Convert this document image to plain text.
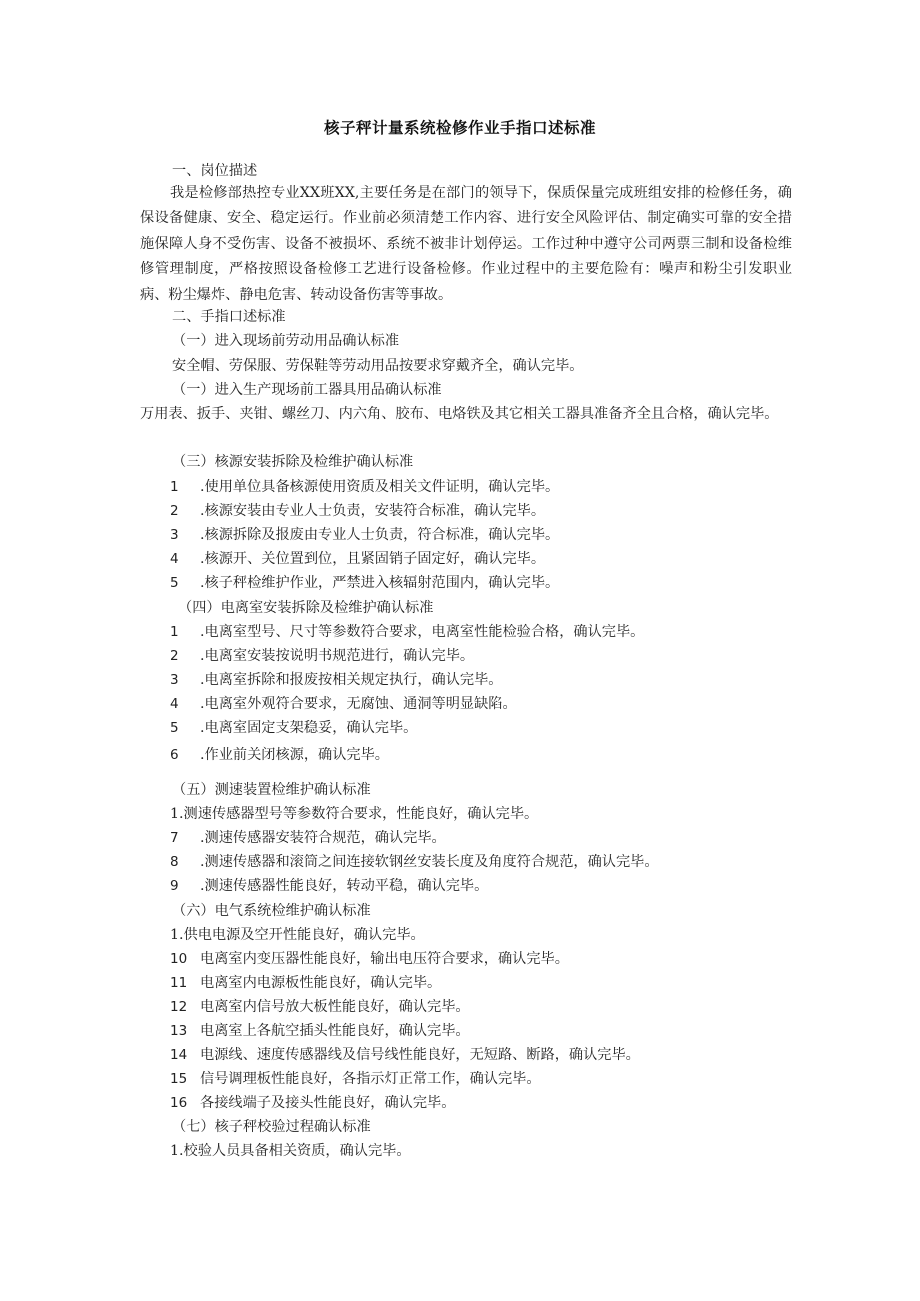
核子秤计量系统检修作业手指口述标准
一、岗位描述
我是检修部热控专业XX班XX,主要任务是在部门的领导下，保质保量完成班组安排的检修任务，确保设备健康、安全、稳定运行。作业前必须清楚工作内容、进行安全风险评估、制定确实可靠的安全措施保障人身不受伤害、设备不被损坏、系统不被非计划停运。工作过种中遵守公司两票三制和设备检维修管理制度，严格按照设备检修工艺进行设备检修。作业过程中的主要危险有：噪声和粉尘引发职业病、粉尘爆炸、静电危害、转动设备伤害等事故。
二、手指口述标准
（一）进入现场前劳动用品确认标准
安全帽、劳保服、劳保鞋等劳动用品按要求穿戴齐全，确认完毕。
（一）进入生产现场前工器具用品确认标准
万用表、扳手、夹钳、螺丝刀、内六角、胶布、电烙铁及其它相关工器具准备齐全且合格，确认完毕。
（三）核源安装拆除及检维护确认标准
1 .使用单位具备核源使用资质及相关文件证明，确认完毕。
2 .核源安装由专业人士负责，安装符合标准，确认完毕。
3 .核源拆除及报废由专业人士负责，符合标准，确认完毕。
4 .核源开、关位置到位，且紧固销子固定好，确认完毕。
5 .核子秤检维护作业，严禁进入核辐射范围内，确认完毕。
（四）电离室安装拆除及检维护确认标准
1 .电离室型号、尺寸等参数符合要求，电离室性能检验合格，确认完毕。
2 .电离室安装按说明书规范进行，确认完毕。
3 .电离室拆除和报废按相关规定执行，确认完毕。
4 .电离室外观符合要求，无腐蚀、通洞等明显缺陷。
5 .电离室固定支架稳妥，确认完毕。
6 .作业前关闭核源，确认完毕。
（五）测速装置检维护确认标准
1.测速传感器型号等参数符合要求，性能良好，确认完毕。
7 .测速传感器安装符合规范，确认完毕。
8 .测速传感器和滚筒之间连接软钢丝安装长度及角度符合规范，确认完毕。
9 .测速传感器性能良好，转动平稳，确认完毕。
（六）电气系统检维护确认标准
1.供电电源及空开性能良好，确认完毕。
10 电离室内变压器性能良好，输出电压符合要求，确认完毕。
11 电离室内电源板性能良好，确认完毕。
12 电离室内信号放大板性能良好，确认完毕。
13 电离室上各航空插头性能良好，确认完毕。
14 电源线、速度传感器线及信号线性能良好，无短路、断路，确认完毕。
15 信号调理板性能良好，各指示灯正常工作，确认完毕。
16 各接线端子及接头性能良好，确认完毕。
（七）核子秤校验过程确认标准
1.校验人员具备相关资质，确认完毕。
